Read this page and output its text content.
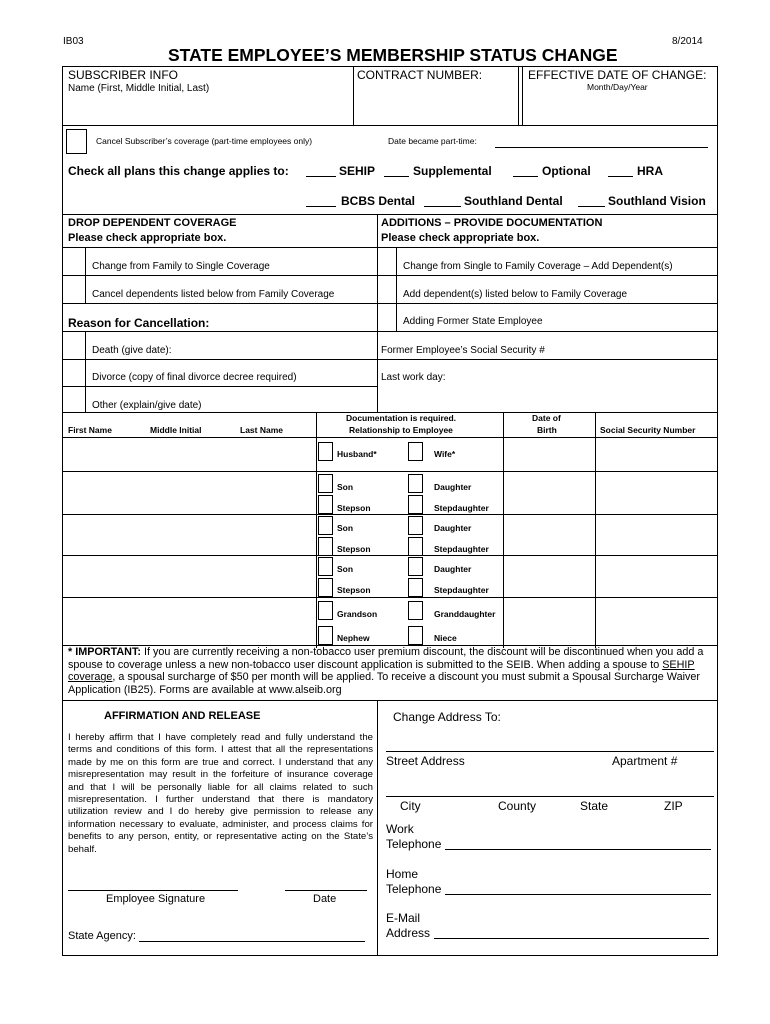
IB03	8/2014
STATE EMPLOYEE’S MEMBERSHIP STATUS CHANGE
SUBSCRIBER INFO
Name (First, Middle Initial, Last)
CONTRACT NUMBER:	EFFECTIVE DATE OF CHANGE:
Month/Day/Year
Cancel Subscriber’s coverage (part-time employees only)	Date became part-time:
Check all plans this change applies to:	SEHIP	Supplemental	Optional	HRA
BCBS Dental	Southland Dental	Southland Vision
DROP DEPENDENT COVERAGE
Please check appropriate box.
ADDITIONS – PROVIDE DOCUMENTATION
Please check appropriate box.
Change from Family to Single Coverage
Cancel dependents listed below from Family Coverage
Reason for Cancellation:
Death (give date):
Divorce (copy of final divorce decree required)
Other (explain/give date)
Change from Single to Family Coverage – Add Dependent(s)
Add dependent(s) listed below to Family Coverage
Adding Former State Employee
Former Employee’s Social Security #
Last work day:
First Name	Middle Initial	Last Name
Documentation is required.
Relationship to Employee
Date of
Birth	Social Security Number
Husband*	Wife*
Son	Daughter
Stepson	Stepdaughter
Son	Daughter
Stepson	Stepdaughter
Son	Daughter
Stepson	Stepdaughter
Grandson	Granddaughter
Nephew	Niece
* IMPORTANT: If you are currently receiving a non-tobacco user premium discount, the discount will be discontinued when you add a spouse to coverage unless a new non-tobacco user discount application is submitted to the SEIB. When adding a spouse to SEHIP coverage, a spousal surcharge of $50 per month will be applied. To receive a discount you must submit a Spousal Surcharge Waiver Application (IB25). Forms are available at www.alseib.org
AFFIRMATION AND RELEASE
I hereby affirm that I have completely read and fully understand the terms and conditions of this form. I attest that all the representations made by me on this form are true and correct. I understand that any misrepresentation may result in the forfeiture of insurance coverage and that I will be personally liable for all claims related to such misrepresentation. I further understand that there is mandatory utilization review and I do hereby give permission to release any information necessary to evaluate, administer, and process claims for benefits to any person, entity, or representative acting on the State’s behalf.
Employee Signature	Date
State Agency:
Change Address To:
Street Address	Apartment #
City	County	State	ZIP
Work
Telephone
Home
Telephone
E-Mail
Address
